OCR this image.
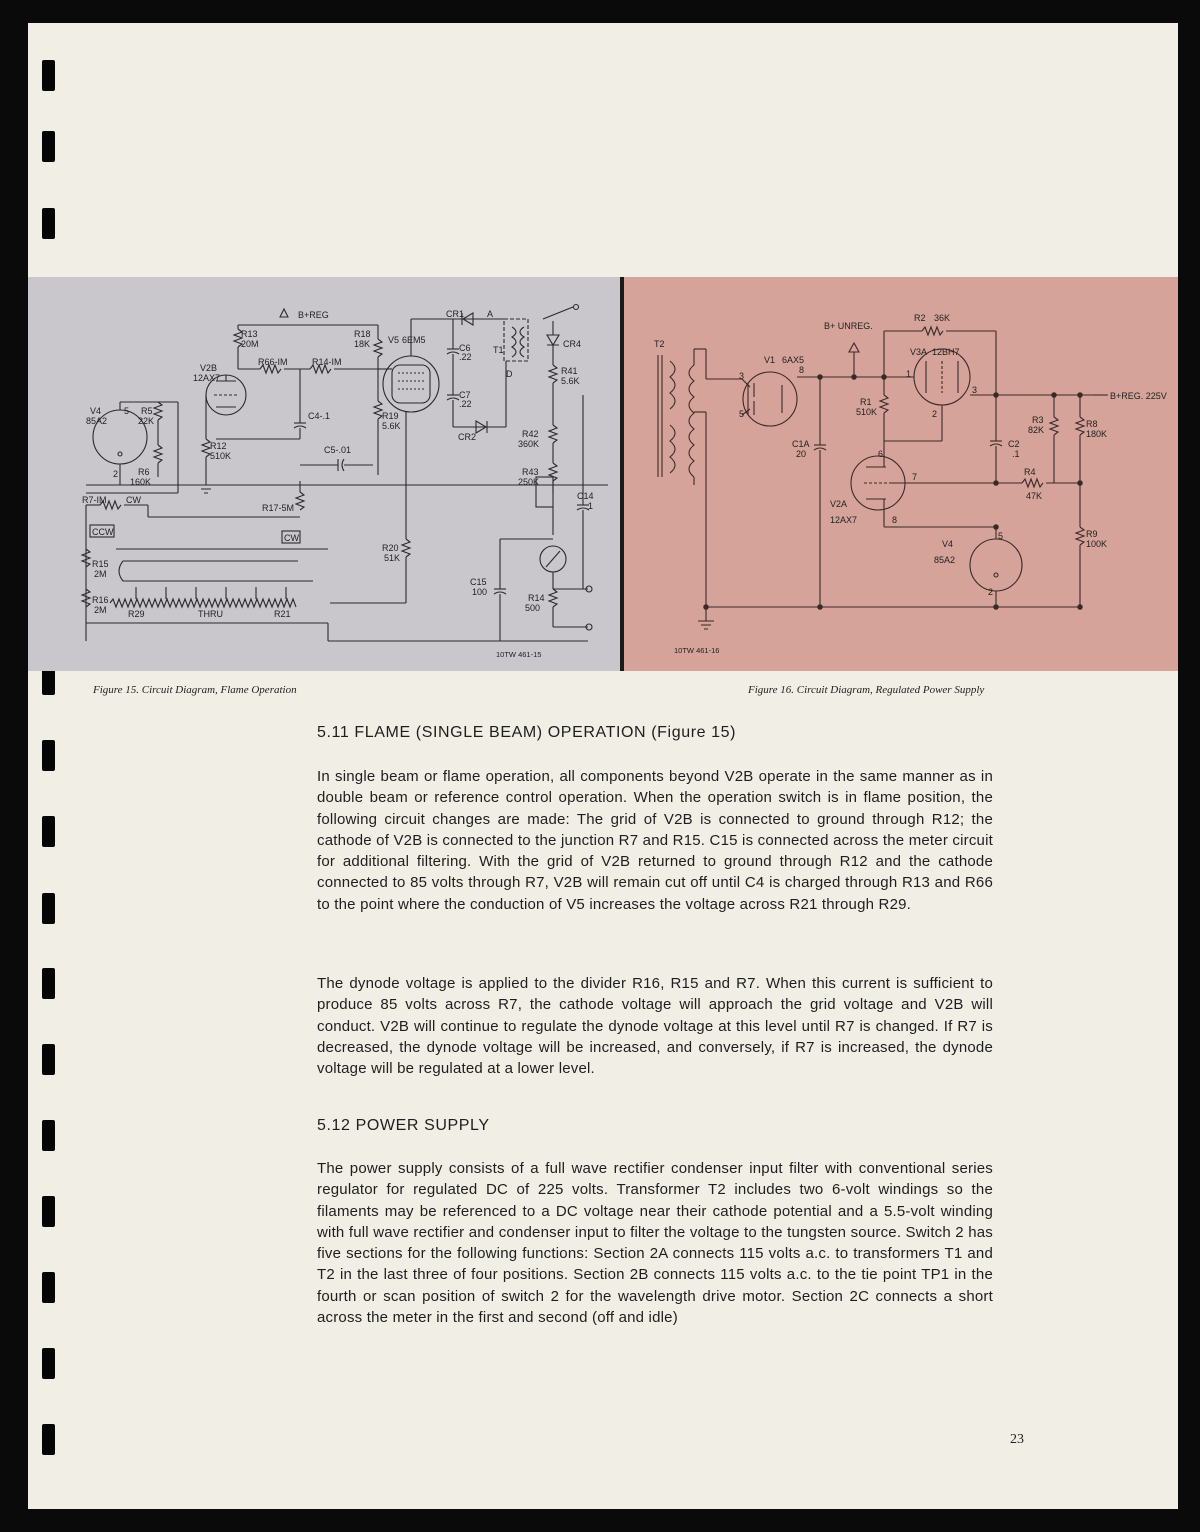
B+REG
R13
20M
V2B
12AX7
R66-IM	R14-IM
R18
18K V5 6EM5
CR1	A
T1
D
C6
.22
C7
.22
CR2
CR4
R41
5.6K
V4
85A2
5
2
R5
22K
R6
160K
R12
510K
C4-.1	R19
5.6K
C5-.01
R42
360K
R43
250K
C14
1
R7-IM CW
CCW
R17-5M
CW
R20
51K
R15
2M
R16
2M R29	THRU	R21
C15
100
R14
500
10TW 461-15
T2
B+ UNREG.
R2 36K
V1 6AX5
V3A 12BH7
B+REG. 225V
R1
510K
C1A
20
C2
.1
R3
82K
R8
180K
R4
47K
V2A
12AX7
V4
85A2
R9
100K
3
5
8	1
2
3
6
7
8
5
2
10TW 461-16
Figure 15. Circuit Diagram, Flame Operation	Figure 16. Circuit Diagram, Regulated Power Supply
5.11 FLAME (SINGLE BEAM) OPERATION (Figure 15)

In single beam or flame operation, all components beyond V2B operate in the same manner as in double beam or reference control operation. When the operation switch is in flame position, the following circuit changes are made: The grid of V2B is connected to ground through R12; the cathode of V2B is connected to the junction R7 and R15. C15 is connected across the meter circuit for additional filtering. With the grid of V2B returned to ground through R12 and the cathode connected to 85 volts through R7, V2B will remain cut off until C4 is charged through R13 and R66 to the point where the conduction of V5 increases the voltage across R21 through R29.

The dynode voltage is applied to the divider R16, R15 and R7. When this current is sufficient to produce 85 volts across R7, the cathode voltage will approach the grid voltage and V2B will conduct. V2B will continue to regulate the dynode voltage at this level until R7 is changed. If R7 is decreased, the dynode voltage will be increased, and conversely, if R7 is increased, the dynode voltage will be regulated at a lower level.

5.12 POWER SUPPLY

The power supply consists of a full wave rectifier condenser input filter with conventional series regulator for regulated DC of 225 volts. Transformer T2 includes two 6-volt windings so the filaments may be referenced to a DC voltage near their cathode potential and a 5.5-volt winding with full wave rectifier and condenser input to filter the voltage to the tungsten source. Switch 2 has five sections for the following functions: Section 2A connects 115 volts a.c. to transformers T1 and T2 in the last three of four positions. Section 2B connects 115 volts a.c. to the tie point TP1 in the fourth or scan position of switch 2 for the wavelength drive motor. Section 2C connects a short across the meter in the first and second (off and idle)

23
